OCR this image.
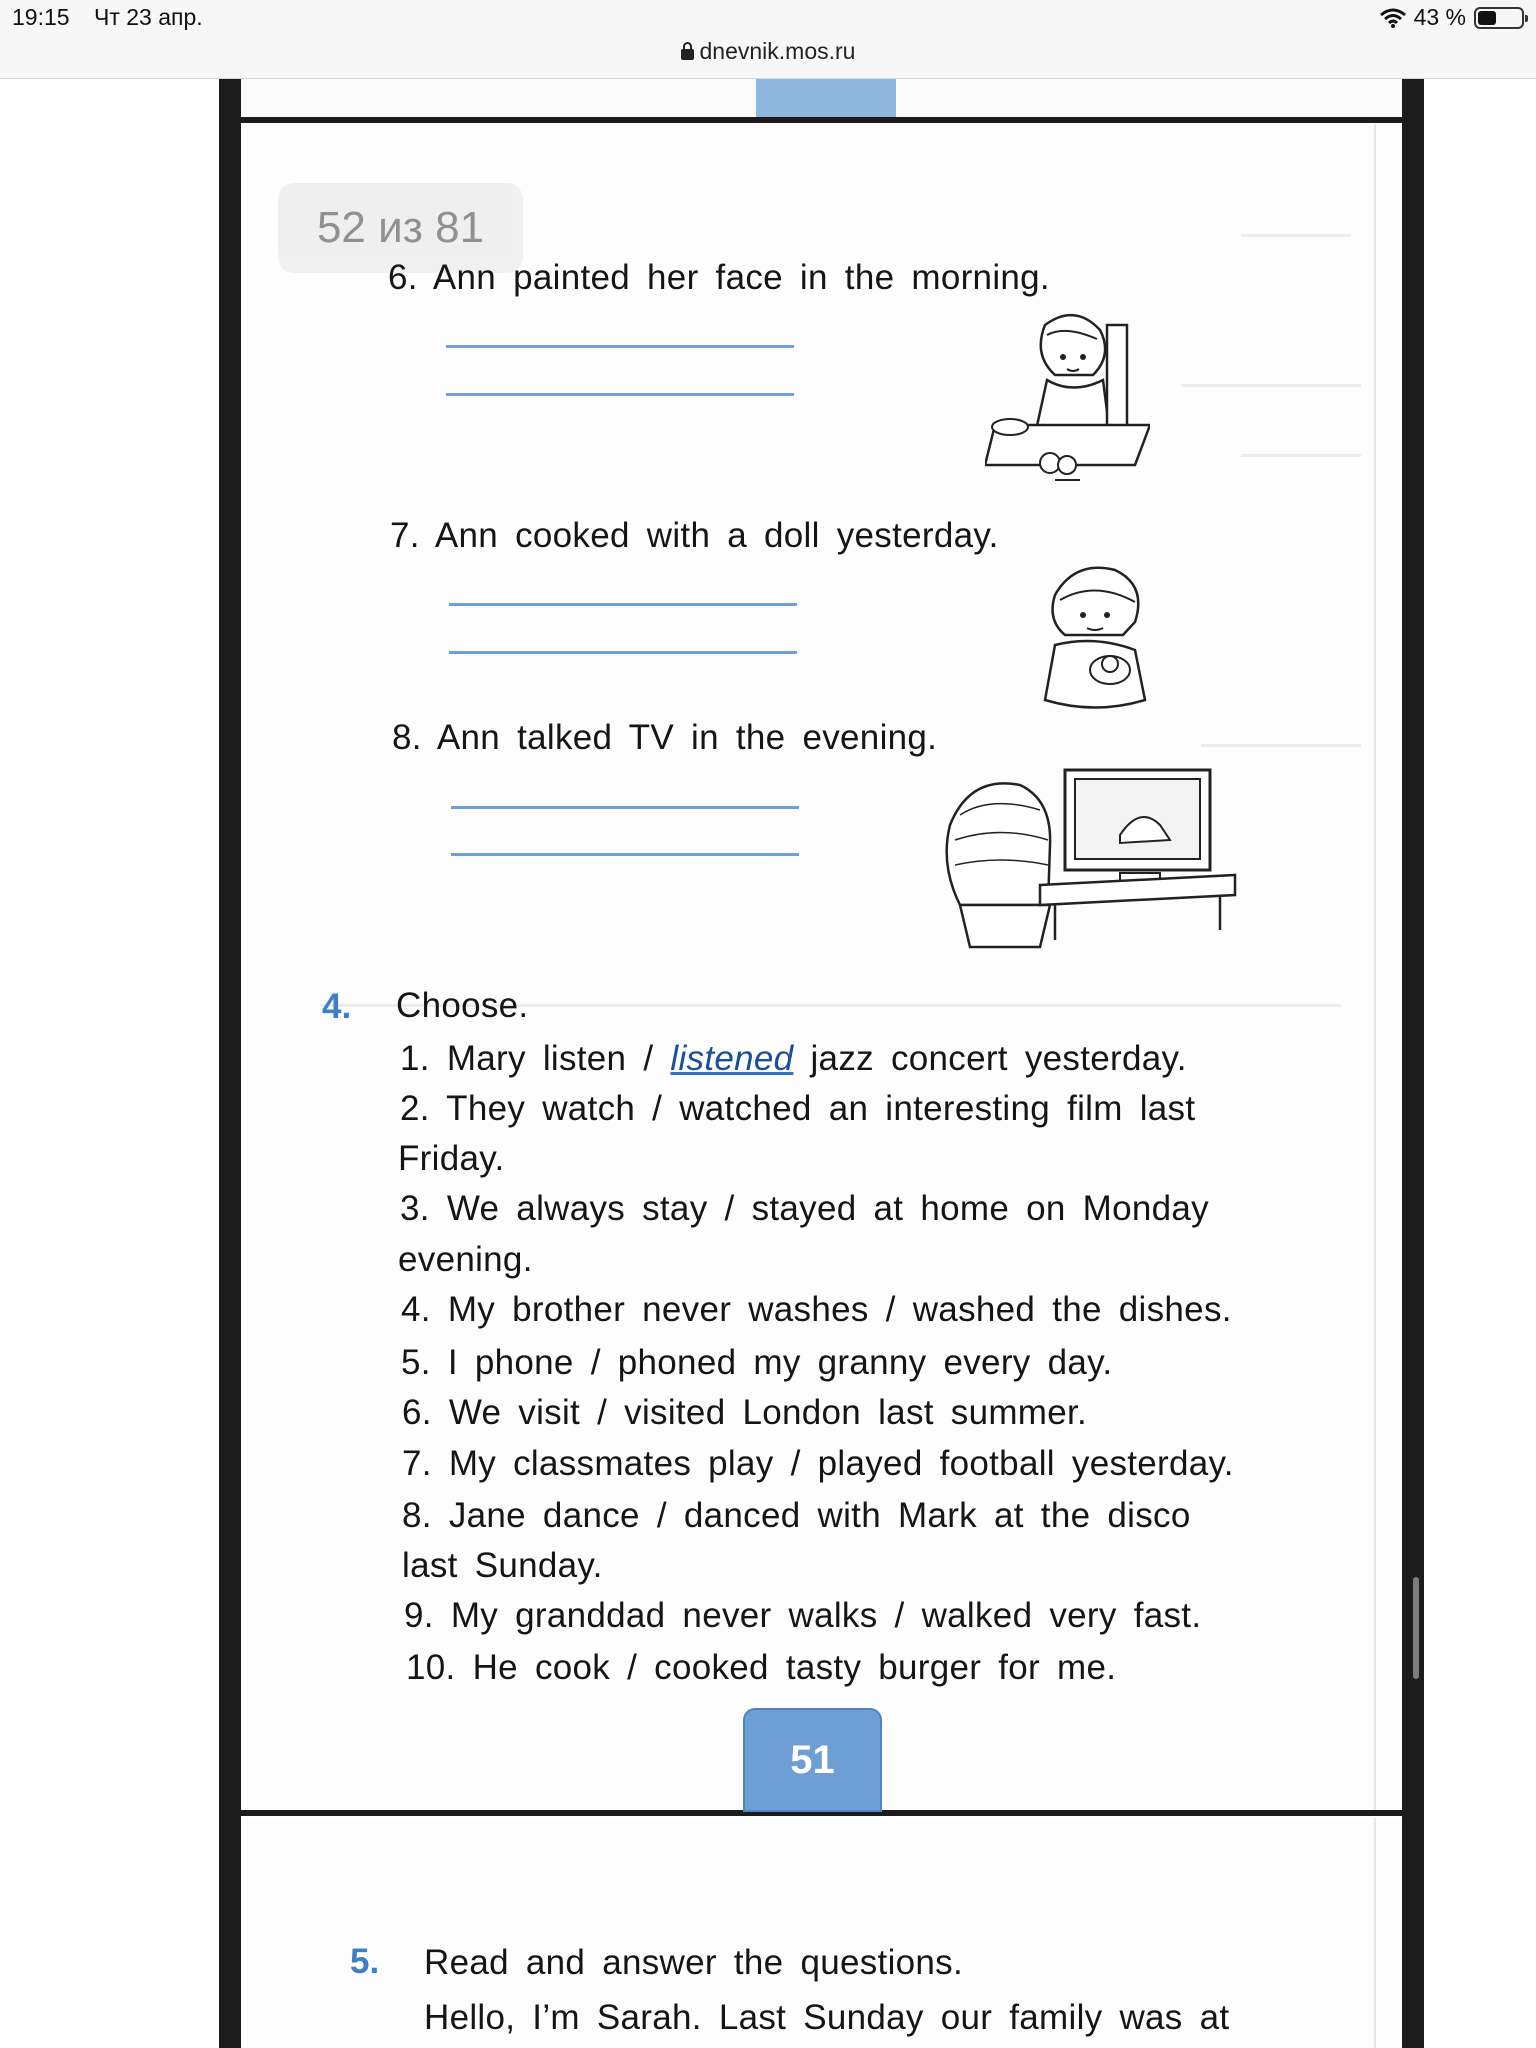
19:15 Чт 23 апр.	43 %
dnevnik.mos.ru
52 из 81
6. Ann painted her face in the morning.
7. Ann cooked with a doll yesterday.
8. Ann talked TV in the evening.
4. Choose.
1. Mary listen / listened jazz concert yesterday.
2. They watch / watched an interesting film last
Friday.
3. We always stay / stayed at home on Monday
evening.
4. My brother never washes / washed the dishes.
5. I phone / phoned my granny every day.
6. We visit / visited London last summer.
7. My classmates play / played football yesterday.
8. Jane dance / danced with Mark at the disco
last Sunday.
9. My granddad never walks / walked very fast.
10. He cook / cooked tasty burger for me.
51
5. Read and answer the questions.
Hello, I’m Sarah. Last Sunday our family was at
